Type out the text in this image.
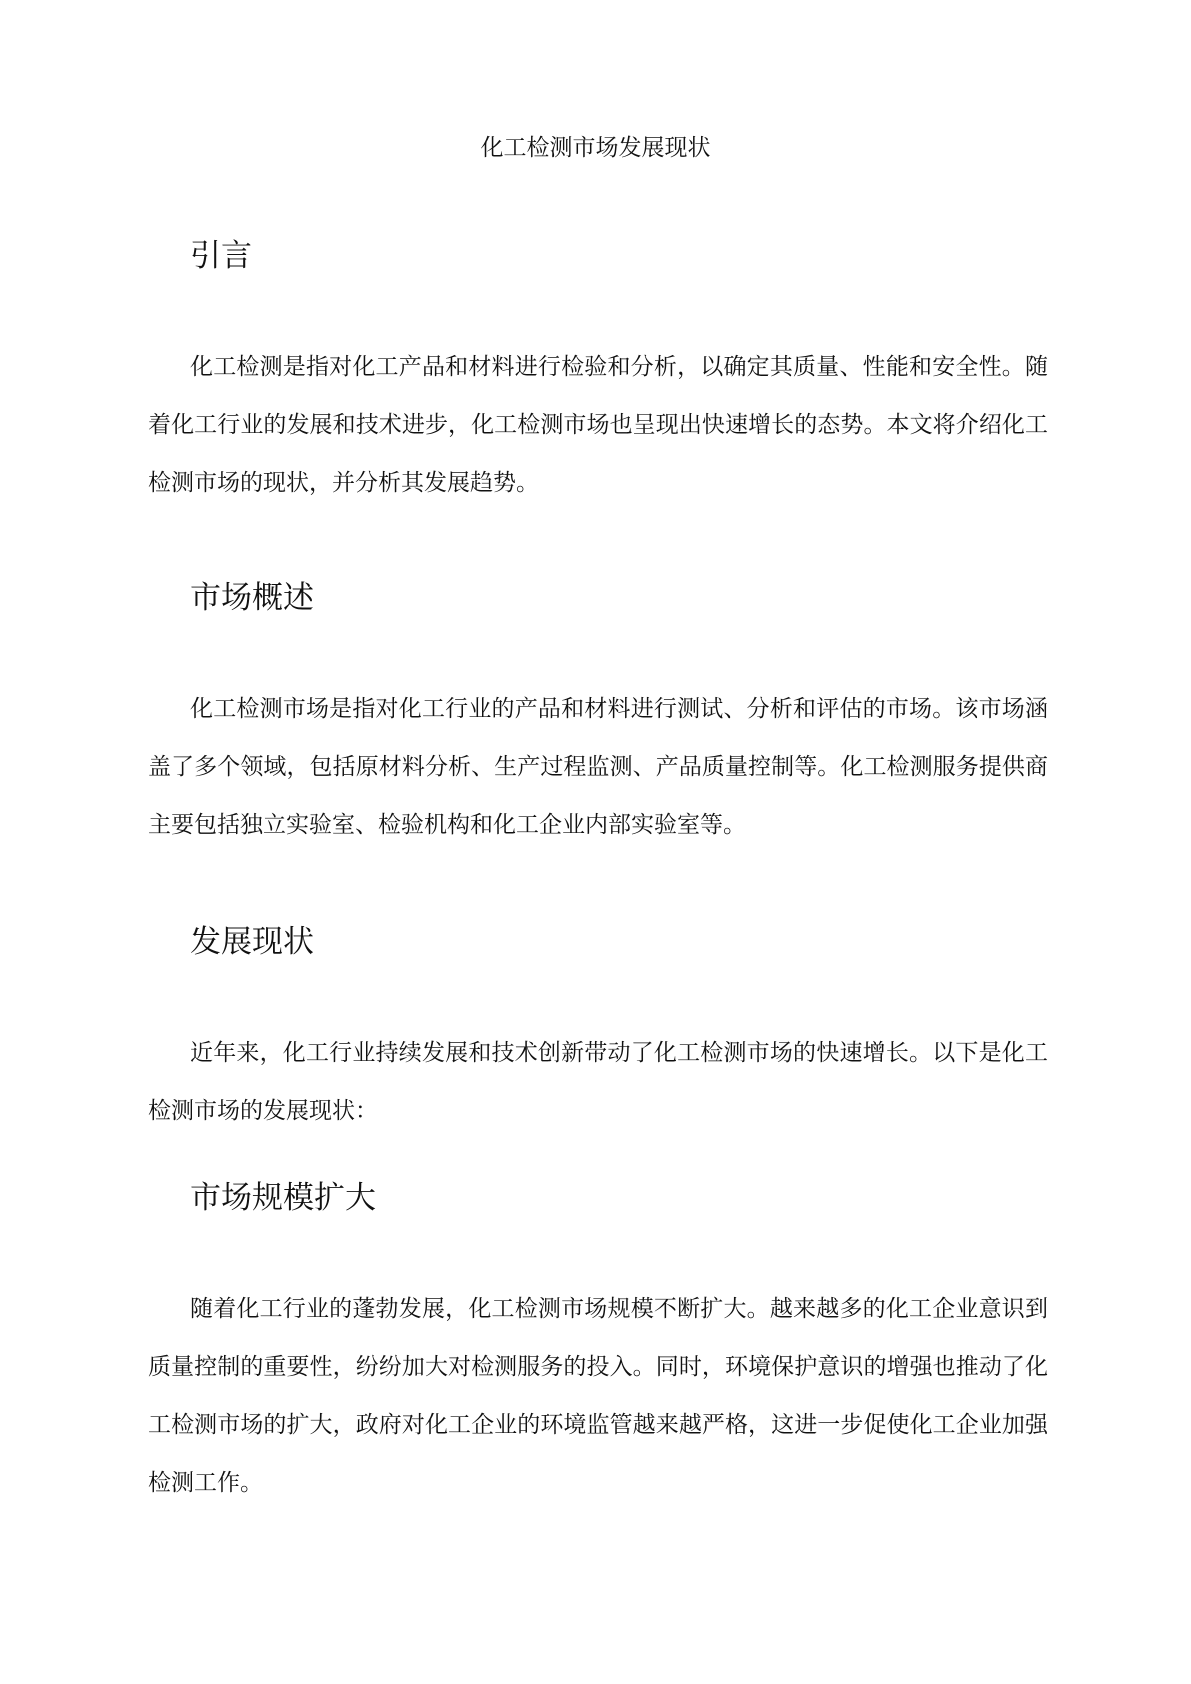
化工检测市场发展现状
引言

化工检测是指对化工产品和材料进行检验和分析，以确定其质量、性能和安全性。随着化工行业的发展和技术进步，化工检测市场也呈现出快速增长的态势。本文将介绍化工检测市场的现状，并分析其发展趋势。

市场概述

化工检测市场是指对化工行业的产品和材料进行测试、分析和评估的市场。该市场涵盖了多个领域，包括原材料分析、生产过程监测、产品质量控制等。化工检测服务提供商主要包括独立实验室、检验机构和化工企业内部实验室等。

发展现状

近年来，化工行业持续发展和技术创新带动了化工检测市场的快速增长。以下是化工检测市场的发展现状：

市场规模扩大

随着化工行业的蓬勃发展，化工检测市场规模不断扩大。越来越多的化工企业意识到质量控制的重要性，纷纷加大对检测服务的投入。同时，环境保护意识的增强也推动了化工检测市场的扩大，政府对化工企业的环境监管越来越严格，这进一步促使化工企业加强检测工作。
